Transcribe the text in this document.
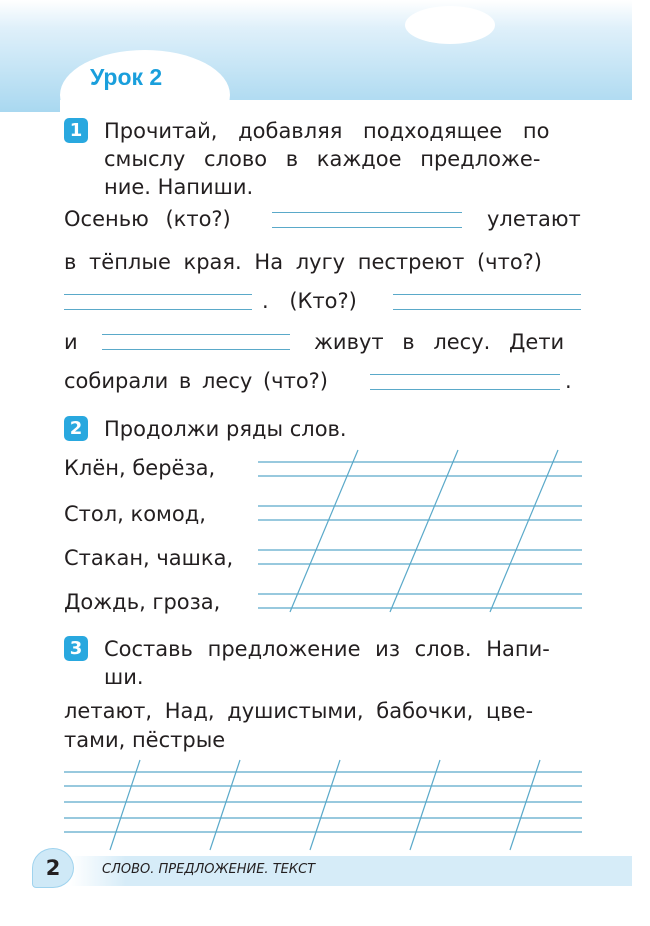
Урок 2
1 Прочитай, добавляя подходящее по
смыслу слово в каждое предложе-
ние. Напиши.
Осенью (кто?)	улетают
в тёплые края. На лугу пестреют (что?)
. (Кто?)
и	живут в лесу. Дети
собирали в лесу (что?)	.
2 Продолжи ряды слов.
Клён, берёза,
Стол, комод,
Стакан, чашка,
Дождь, гроза,
3 Составь предложение из слов. Напи-
ши.
летают, Над, душистыми, бабочки, цве-
тами, пёстрые
2	СЛОВО. ПРЕДЛОЖЕНИЕ. ТЕКСТ
